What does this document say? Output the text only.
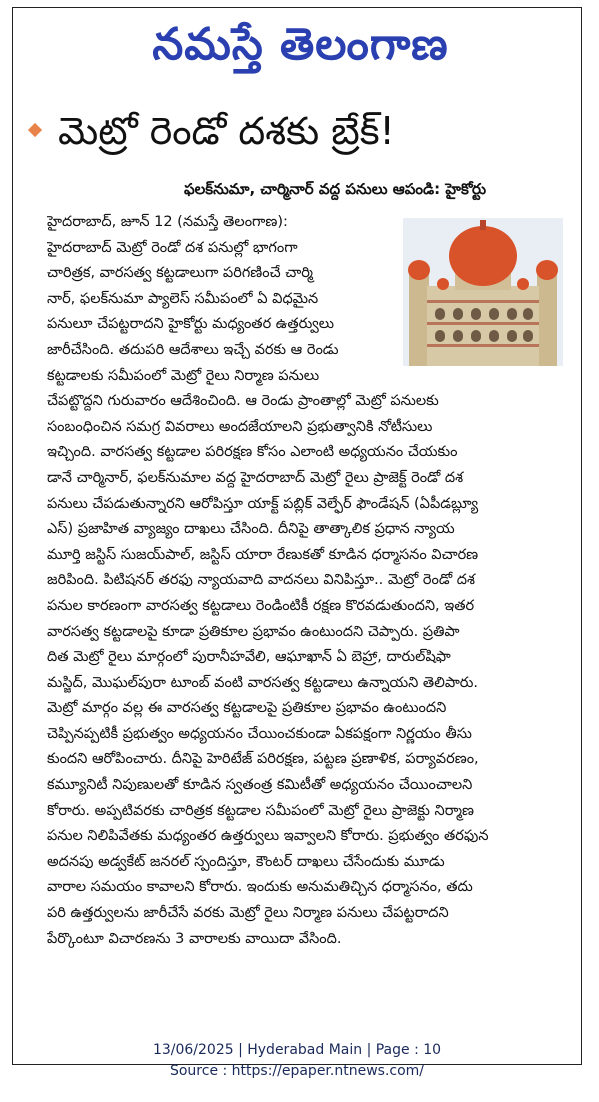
నమస్తే తెలంగాణ
మెట్రో రెండో దశకు బ్రేక్!
ఫలక్‌నుమా, చార్మినార్ వద్ద పనులు ఆపండి: హైకోర్టు
హైదరాబాద్, జూన్ 12 (నమస్తే తెలంగాణ):
హైదరాబాద్ మెట్రో రెండో దశ పనుల్లో భాగంగా
చారిత్రక, వారసత్వ కట్టడాలుగా పరిగణించే చార్మి
నార్, ఫలక్‌నుమా ప్యాలెస్ సమీపంలో ఏ విధమైన
పనులూ చేపట్టరాదని హైకోర్టు మధ్యంతర ఉత్తర్వులు
జారీచేసింది. తదుపరి ఆదేశాలు ఇచ్చే వరకు ఆ రెండు
కట్టడాలకు సమీపంలో మెట్రో రైలు నిర్మాణ పనులు
చేపట్టొద్దని గురువారం ఆదేశించింది. ఆ రెండు ప్రాంతాల్లో మెట్రో పనులకు
సంబంధించిన సమగ్ర వివరాలు అందజేయాలని ప్రభుత్వానికి నోటీసులు
ఇచ్చింది. వారసత్వ కట్టడాల పరిరక్షణ కోసం ఎలాంటి అధ్యయనం చేయకుం
డానే చార్మినార్, ఫలక్‌నుమాల వద్ద హైదరాబాద్ మెట్రో రైలు ప్రాజెక్ట్ రెండో దశ
పనులు చేపడుతున్నారని ఆరోపిస్తూ యాక్ట్ పబ్లిక్ వెల్ఫేర్ ఫౌండేషన్ (ఏపీడబ్ల్యూ
ఎస్) ప్రజాహిత వ్యాజ్యం దాఖలు చేసింది. దీనిపై తాత్కాలిక ప్రధాన న్యాయ
మూర్తి జస్టిస్ సుజయ్‌పాల్, జస్టిస్ యారా రేణుకతో కూడిన ధర్మాసనం విచారణ
జరిపింది. పిటిషనర్ తరఫు న్యాయవాది వాదనలు వినిపిస్తూ.. మెట్రో రెండో దశ
పనుల కారణంగా వారసత్వ కట్టడాలు రెండింటికీ రక్షణ కొరవడుతుందని, ఇతర
వారసత్వ కట్టడాలపై కూడా ప్రతికూల ప్రభావం ఉంటుందని చెప్పారు. ప్రతిపా
దిత మెట్రో రైలు మార్గంలో పురానీహవేలి, ఆఘాఖాన్ ఏ బెహ్రా, దారుల్‌షిఫా
మస్జిద్, మొఘల్‌పురా టూంబ్ వంటి వారసత్వ కట్టడాలు ఉన్నాయని తెలిపారు.
మెట్రో మార్గం వల్ల ఈ వారసత్వ కట్టడాలపై ప్రతికూల ప్రభావం ఉంటుందని
చెప్పినప్పటికీ ప్రభుత్వం అధ్యయనం చేయించకుండా ఏకపక్షంగా నిర్ణయం తీసు
కుందని ఆరోపించారు. దీనిపై హెరిటేజ్ పరిరక్షణ, పట్టణ ప్రణాళిక, పర్యావరణం,
కమ్యూనిటీ నిపుణులతో కూడిన స్వతంత్ర కమిటీతో అధ్యయనం చేయించాలని
కోరారు. అప్పటివరకు చారిత్రక కట్టడాల సమీపంలో మెట్రో రైలు ప్రాజెక్టు నిర్మాణ
పనుల నిలిపివేతకు మధ్యంతర ఉత్తర్వులు ఇవ్వాలని కోరారు. ప్రభుత్వం తరఫున
అదనపు అడ్వకేట్ జనరల్ స్పందిస్తూ, కౌంటర్ దాఖలు చేసేందుకు మూడు
వారాల సమయం కావాలని కోరారు. ఇందుకు అనుమతిచ్చిన ధర్మాసనం, తదు
పరి ఉత్తర్వులను జారీచేసే వరకు మెట్రో రైలు నిర్మాణ పనులు చేపట్టరాదని
పేర్కొంటూ విచారణను 3 వారాలకు వాయిదా వేసింది.
13/06/2025 | Hyderabad Main | Page : 10
Source : https://epaper.ntnews.com/
